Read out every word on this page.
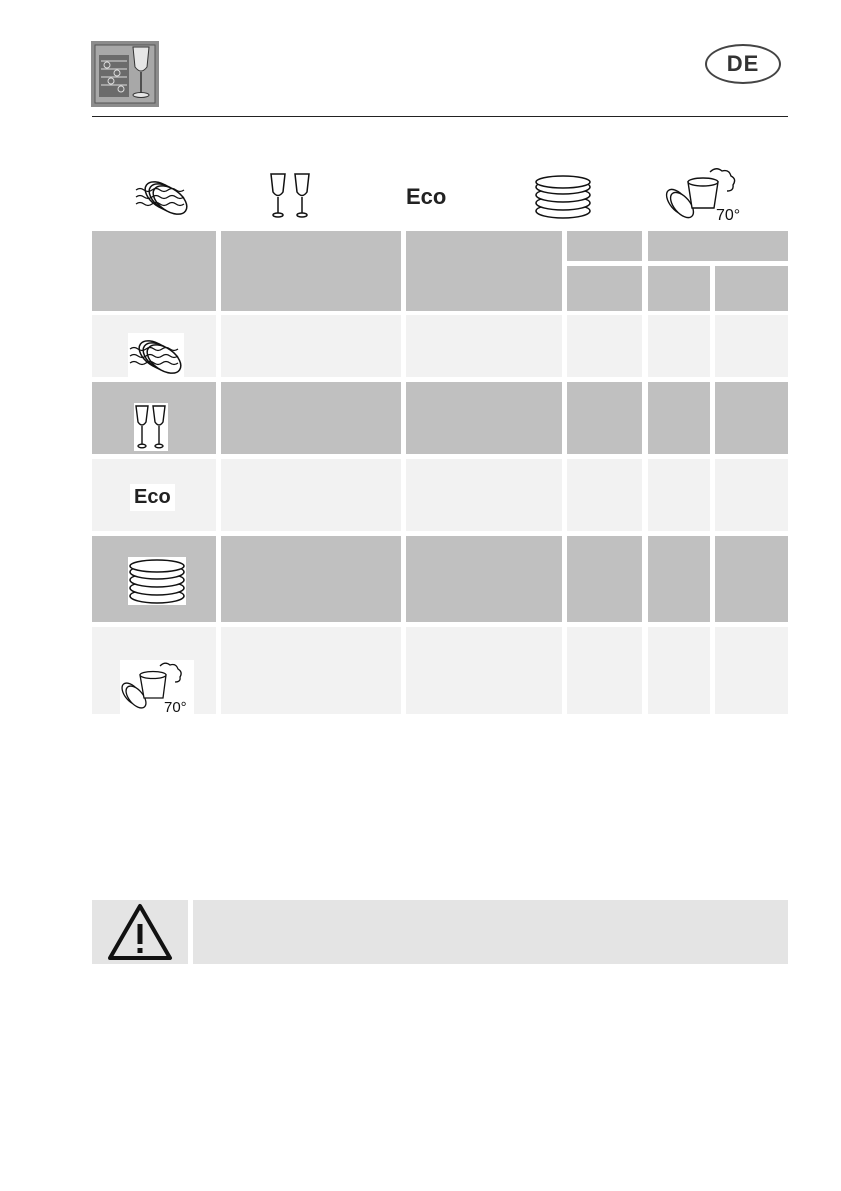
DE
Eco
70°
Eco
70°
